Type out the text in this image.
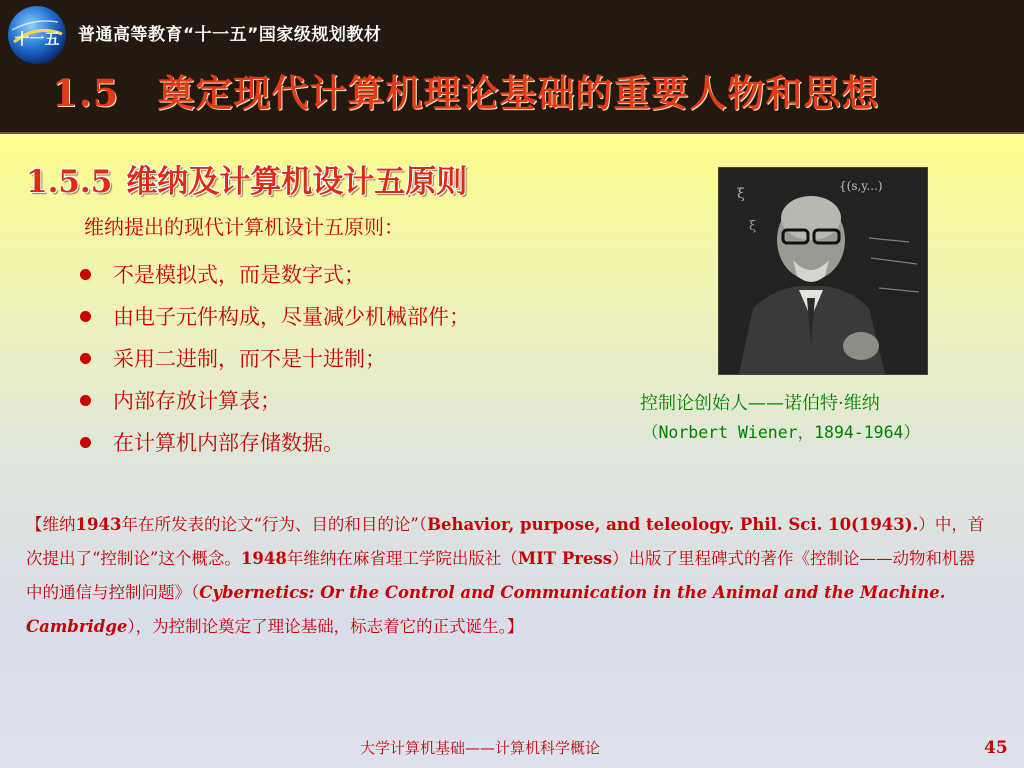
十一五 普通高等教育“十一五”国家级规划教材
1.5 奠定现代计算机理论基础的重要人物和思想
1.5.5 维纳及计算机设计五原则
维纳提出的现代计算机设计五原则：
不是模拟式，而是数字式；
由电子元件构成，尽量减少机械部件；
采用二进制，而不是十进制；
内部存放计算表；
在计算机内部存储数据。
ξ
ξ
{(s,y...)
控制论创始人——诺伯特·维纳
（Norbert Wiener，1894-1964）
【维纳1943年在所发表的论文“行为、目的和目的论”（Behavior, purpose, and teleology. Phil. Sci. 10(1943).）中，首次提出了“控制论”这个概念。1948年维纳在麻省理工学院出版社（MIT Press）出版了里程碑式的著作《控制论——动物和机器中的通信与控制问题》（Cybernetics: Or the Control and Communication in the Animal and the Machine. Cambridge），为控制论奠定了理论基础，标志着它的正式诞生。】
大学计算机基础——计算机科学概论	45
